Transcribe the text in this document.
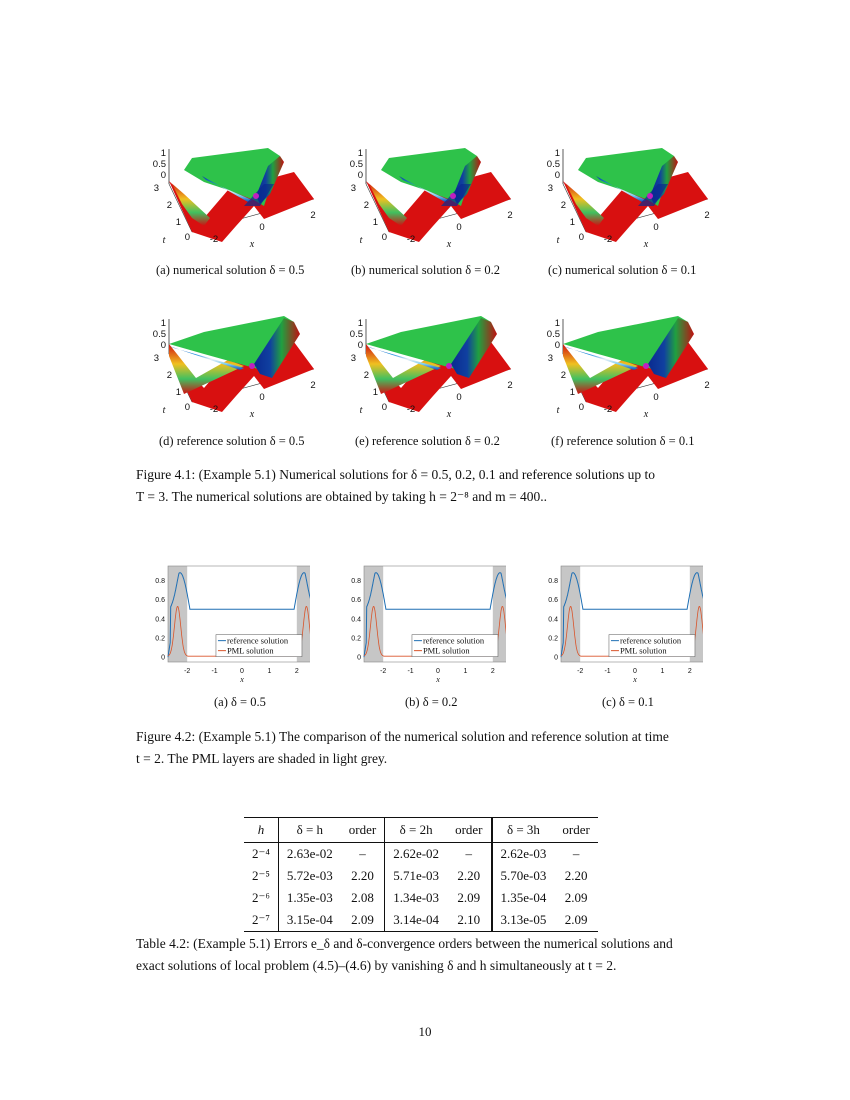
1
0.5
0
3
2
1
0 -2
0
2
t	x
1
0.5
0
3
2
1
0 -2
0
2
t	x
1
0.5
0
3
2
1
0 -2
0
2
t	x
1
0.5
0
3
2
1
0 -2
0
2
t	x
1
0.5
0
3
2
1
0 -2
0
2
t	x
1
0.5
0
3
2
1
0 -2
0
2
t	x
(a) numerical solution δ = 0.5	(b) numerical solution δ = 0.2	(c) numerical solution δ = 0.1
(d) reference solution δ = 0.5	(e) reference solution δ = 0.2	(f) reference solution δ = 0.1
Figure 4.1: (Example 5.1) Numerical solutions for δ = 0.5, 0.2, 0.1 and reference solutions up to
T = 3. The numerical solutions are obtained by taking h = 2⁻⁸ and m = 400..
0.8
0.6
0.4
0.2
0
-2	-1	0	1	2
x
reference solution
PML solution
0.8
0.6
0.4
0.2
0
-2	-1	0	1	2
x
reference solution
PML solution
0.8
0.6
0.4
0.2
0
-2	-1	0	1	2
x
reference solution
PML solution
(a) δ = 0.5	(b) δ = 0.2	(c) δ = 0.1
Figure 4.2: (Example 5.1) The comparison of the numerical solution and reference solution at time
t = 2. The PML layers are shaded in light grey.
h	δ = h	order	δ = 2h	order	δ = 3h	order
2⁻⁴	2.63e-02	–	2.62e-02	–	2.62e-03	–
2⁻⁵	5.72e-03	2.20	5.71e-03	2.20	5.70e-03	2.20
2⁻⁶	1.35e-03	2.08	1.34e-03	2.09	1.35e-04	2.09
2⁻⁷	3.15e-04	2.09	3.14e-04	2.10	3.13e-05	2.09
Table 4.2: (Example 5.1) Errors e_δ and δ-convergence orders between the numerical solutions and
exact solutions of local problem (4.5)–(4.6) by vanishing δ and h simultaneously at t = 2.
10
